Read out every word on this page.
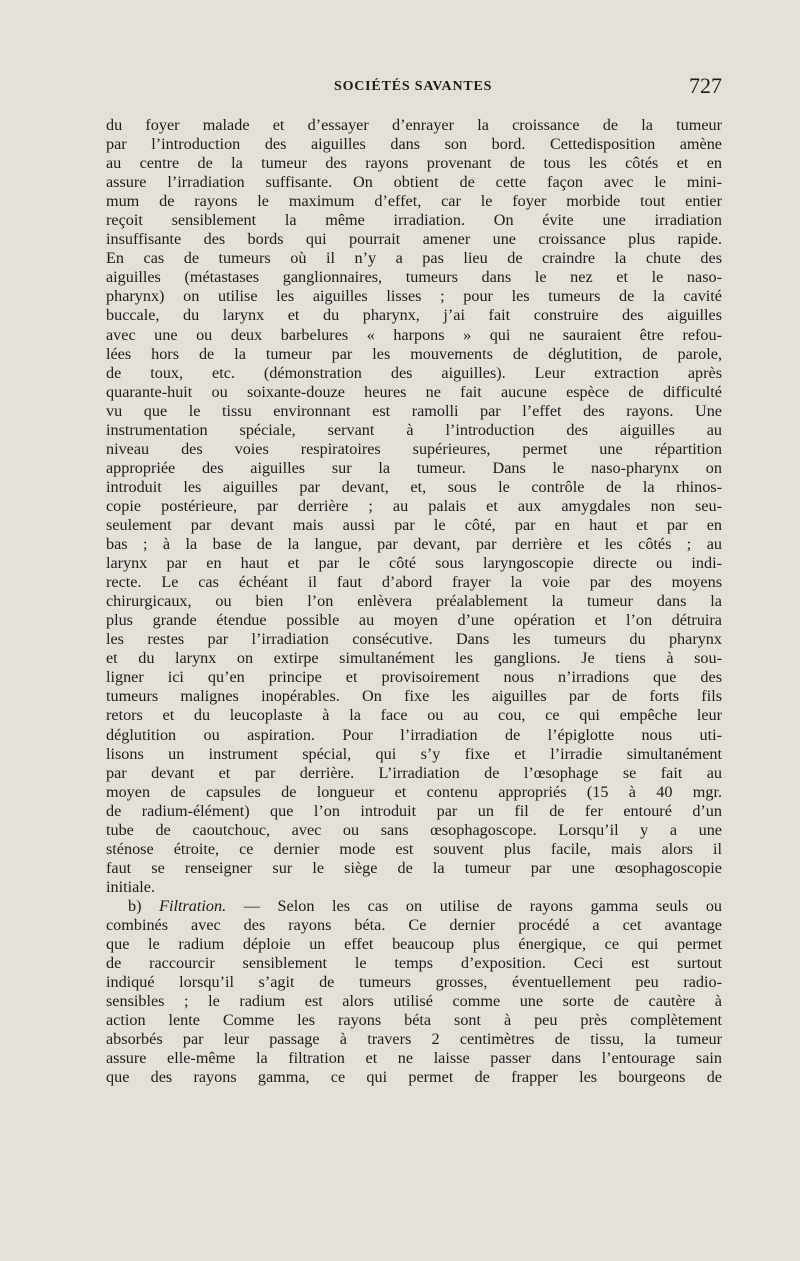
SOCIÉTÉS SAVANTES	727
du foyer malade et d’essayer d’enrayer la croissance de la tumeur
par l’introduction des aiguilles dans son bord. Cettedisposition amène
au centre de la tumeur des rayons provenant de tous les côtés et en
assure l’irradiation suffisante. On obtient de cette façon avec le mini-
mum de rayons le maximum d’effet, car le foyer morbide tout entier
reçoit sensiblement la même irradiation. On évite une irradiation
insuffisante des bords qui pourrait amener une croissance plus rapide.
En cas de tumeurs où il n’y a pas lieu de craindre la chute des
aiguilles (métastases ganglionnaires, tumeurs dans le nez et le naso-
pharynx) on utilise les aiguilles lisses ; pour les tumeurs de la cavité
buccale, du larynx et du pharynx, j’ai fait construire des aiguilles
avec une ou deux barbelures « harpons » qui ne sauraient être refou-
lées hors de la tumeur par les mouvements de déglutition, de parole,
de toux, etc. (démonstration des aiguilles). Leur extraction après
quarante-huit ou soixante-douze heures ne fait aucune espèce de difficulté
vu que le tissu environnant est ramolli par l’effet des rayons. Une
instrumentation spéciale, servant à l’introduction des aiguilles au
niveau des voies respiratoires supérieures, permet une répartition
appropriée des aiguilles sur la tumeur. Dans le naso-pharynx on
introduit les aiguilles par devant, et, sous le contrôle de la rhinos-
copie postérieure, par derrière ; au palais et aux amygdales non seu-
seulement par devant mais aussi par le côté, par en haut et par en
bas ; à la base de la langue, par devant, par derrière et les côtés ; au
larynx par en haut et par le côté sous laryngoscopie directe ou indi-
recte. Le cas échéant il faut d’abord frayer la voie par des moyens
chirurgicaux, ou bien l’on enlèvera préalablement la tumeur dans la
plus grande étendue possible au moyen d’une opération et l’on détruira
les restes par l’irradiation consécutive. Dans les tumeurs du pharynx
et du larynx on extirpe simultanément les ganglions. Je tiens à sou-
ligner ici qu’en principe et provisoirement nous n’irradions que des
tumeurs malignes inopérables. On fixe les aiguilles par de forts fils
retors et du leucoplaste à la face ou au cou, ce qui empêche leur
déglutition ou aspiration. Pour l’irradiation de l’épiglotte nous uti-
lisons un instrument spécial, qui s’y fixe et l’irradie simultanément
par devant et par derrière. L’irradiation de l’œsophage se fait au
moyen de capsules de longueur et contenu appropriés (15 à 40 mgr.
de radium-élément) que l’on introduit par un fil de fer entouré d’un
tube de caoutchouc, avec ou sans œsophagoscope. Lorsqu’il y a une
sténose étroite, ce dernier mode est souvent plus facile, mais alors il
faut se renseigner sur le siège de la tumeur par une œsophagoscopie
initiale.
b) Filtration. — Selon les cas on utilise de rayons gamma seuls ou
combinés avec des rayons béta. Ce dernier procédé a cet avantage
que le radium déploie un effet beaucoup plus énergique, ce qui permet
de raccourcir sensiblement le temps d’exposition. Ceci est surtout
indiqué lorsqu’il s’agit de tumeurs grosses, éventuellement peu radio-
sensibles ; le radium est alors utilisé comme une sorte de cautère à
action lente Comme les rayons béta sont à peu près complètement
absorbés par leur passage à travers 2 centimètres de tissu, la tumeur
assure elle-même la filtration et ne laisse passer dans l’entourage sain
que des rayons gamma, ce qui permet de frapper les bourgeons de
